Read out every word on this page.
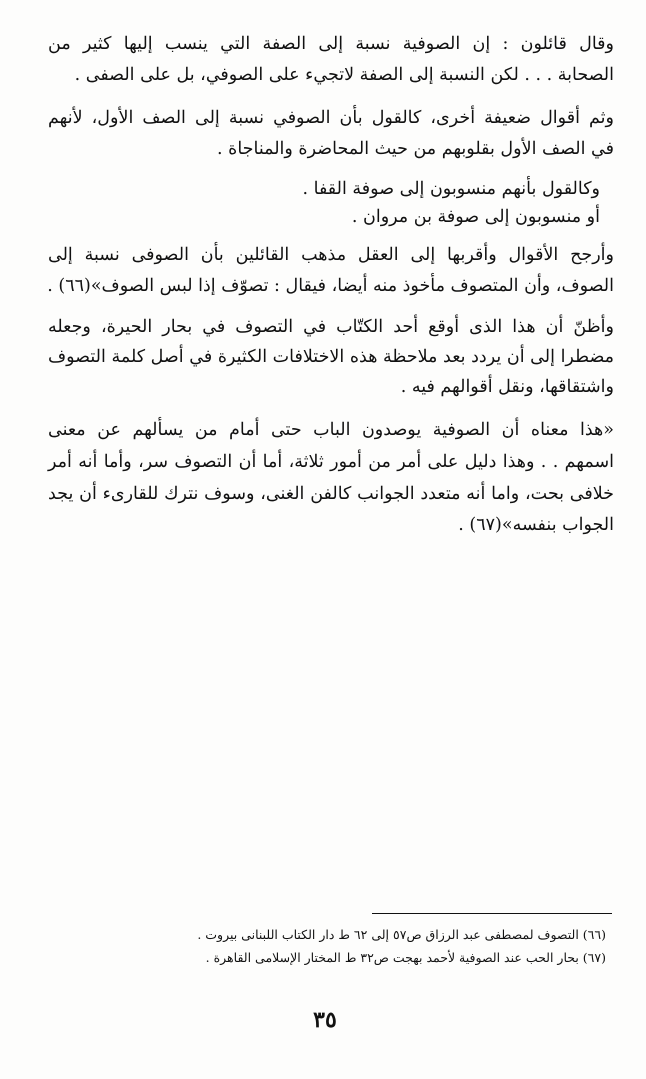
وقال قائلون : إن الصوفية نسبة إلى الصفة التي ينسب إليها كثير من
الصحابة . . . لكن النسبة إلى الصفة لاتجيء على الصوفي، بل على الصفى .
وثم أقوال ضعيفة أخرى، كالقول بأن الصوفي نسبة إلى الصف الأول، لأنهم
في الصف الأول بقلوبهم من حيث المحاضرة والمناجاة .
وكالقول بأنهم منسوبون إلى صوفة القفا .
أو منسوبون إلى صوفة بن مروان .
وأرجح الأقوال وأقربها إلى العقل مذهب القائلين بأن الصوفى نسبة إلى
الصوف، وأن المتصوف مأخوذ منه أيضا، فيقال : تصوّف إذا لبس الصوف»(٦٦) .
وأظنّ أن هذا الذى أوقع أحد الكتّاب في التصوف في بحار الحيرة، وجعله
مضطرا إلى أن يردد بعد ملاحظة هذه الاختلافات الكثيرة في أصل كلمة التصوف
واشتقاقها، ونقل أقوالهم فيه .
«هذا معناه أن الصوفية يوصدون الباب حتى أمام من يسألهم عن معنى
اسمهم . . وهذا دليل على أمر من أمور ثلاثة، أما أن التصوف سر، وأما أنه أمر
خلافى بحت، واما أنه متعدد الجوانب كالفن الغنى، وسوف نترك للقارىء أن يجد
الجواب بنفسه»(٦٧) .
(٦٦) التصوف لمصطفى عبد الرزاق ص٥٧ إلى ٦٢ ط دار الكتاب اللبنانى بيروت .
(٦٧) بحار الحب عند الصوفية لأحمد بهجت ص٣٢ ط المختار الإسلامى القاهرة .
٣٥
